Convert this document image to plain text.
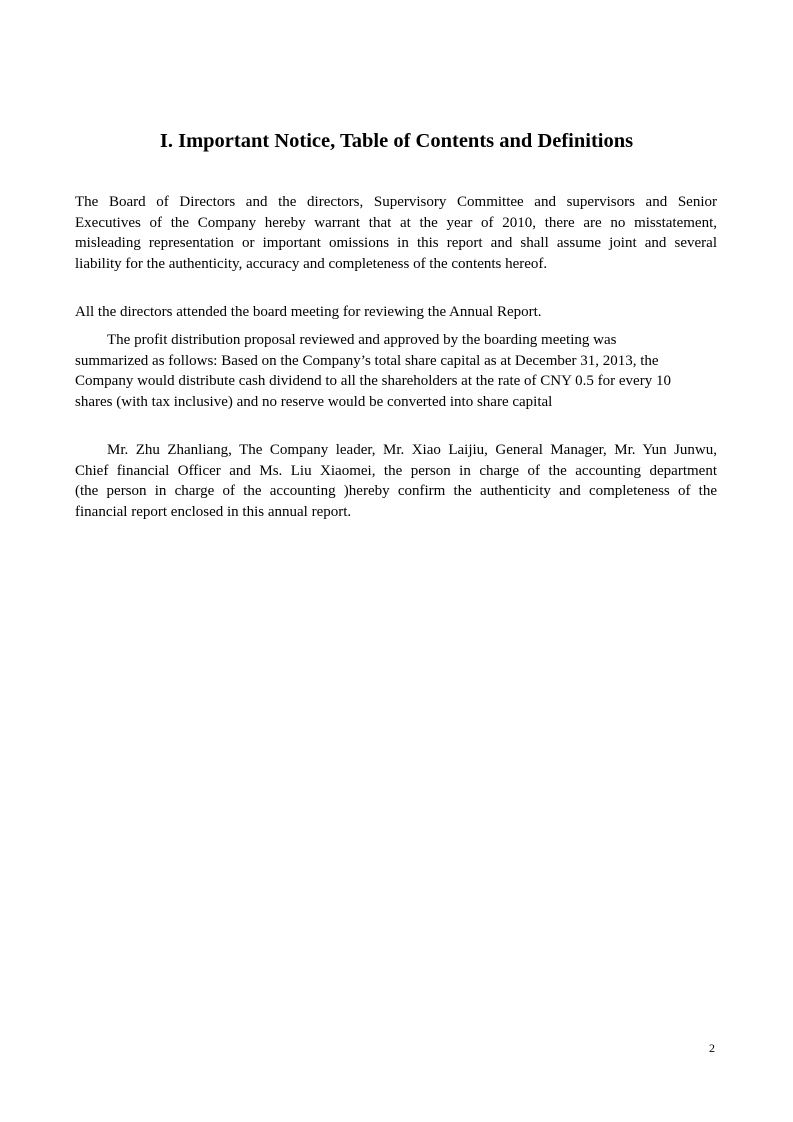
I. Important Notice, Table of Contents and Definitions
The Board of Directors and the directors, Supervisory Committee and supervisors and Senior
Executives of the Company hereby warrant that at the year of 2010, there are no misstatement,
misleading representation or important omissions in this report and shall assume joint and several
liability for the authenticity, accuracy and completeness of the contents hereof.
All the directors attended the board meeting for reviewing the Annual Report.
The profit distribution proposal reviewed and approved by the boarding meeting was
summarized as follows: Based on the Company’s total share capital as at December 31, 2013, the
Company would distribute cash dividend to all the shareholders at the rate of CNY 0.5 for every 10
shares (with tax inclusive) and no reserve would be converted into share capital
Mr. Zhu Zhanliang, The Company leader, Mr. Xiao Laijiu, General Manager, Mr. Yun Junwu,
Chief financial Officer and Ms. Liu Xiaomei, the person in charge of the accounting department
(the person in charge of the accounting )hereby confirm the authenticity and completeness of the
financial report enclosed in this annual report.
2
